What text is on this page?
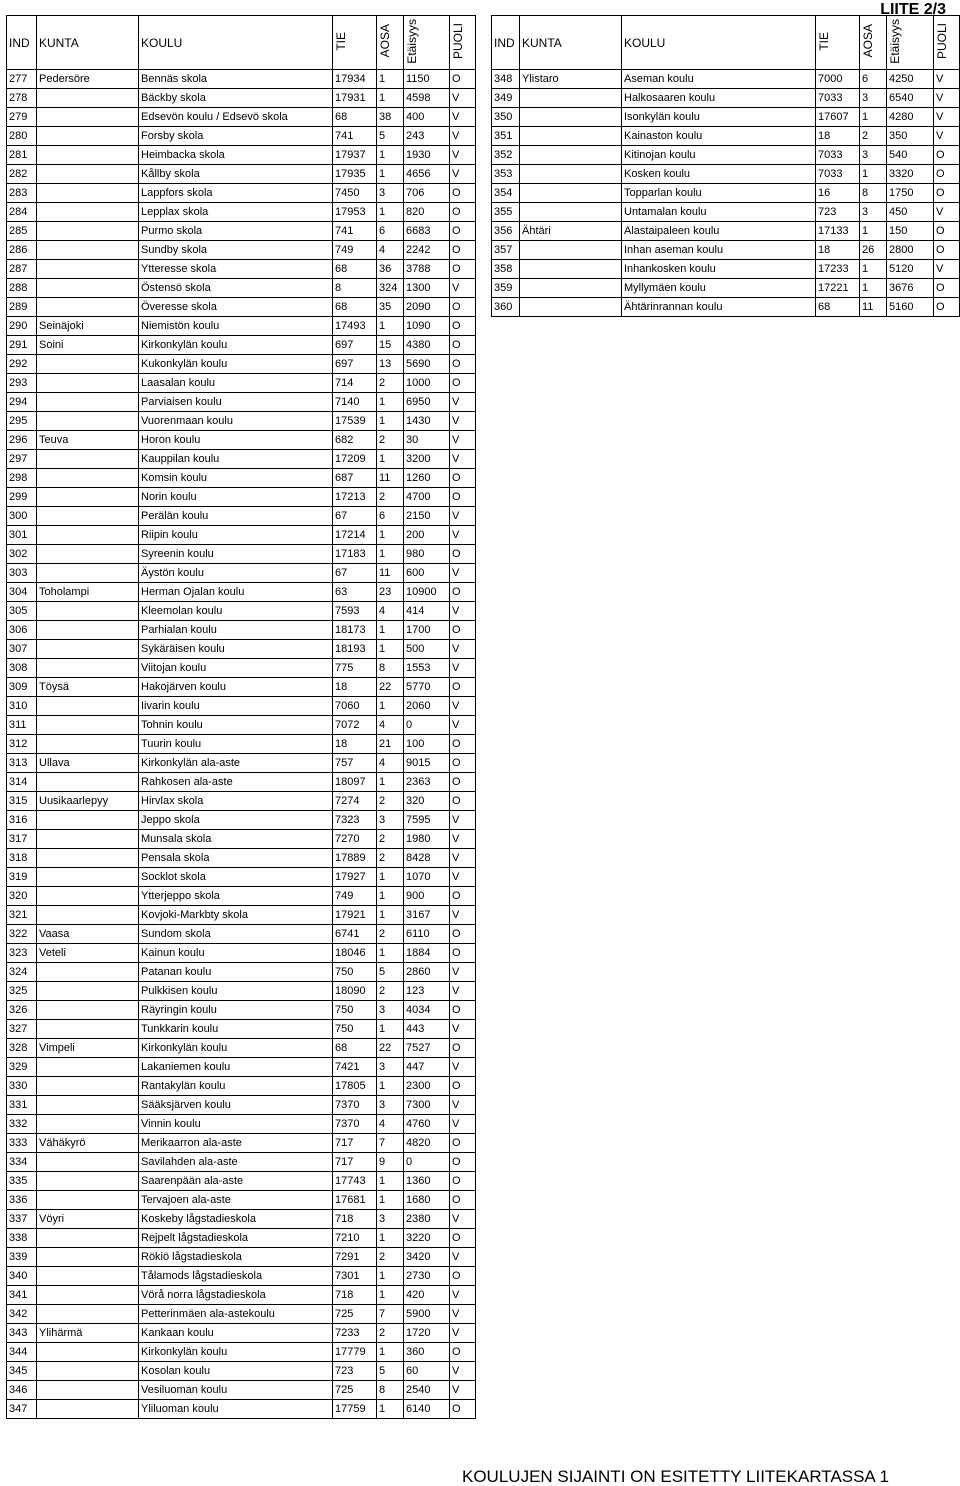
LIITE 2/3
IND	KUNTA	KOULU	TIE	AOSA	Etäisyys	PUOLI
277	Pedersöre	Bennäs skola	17934	1	1150	O
278		Bäckby skola	17931	1	4598	V
279		Edsevön koulu / Edsevö skola	68	38	400	V
280		Forsby skola	741	5	243	V
281		Heimbacka skola	17937	1	1930	V
282		Kållby skola	17935	1	4656	V
283		Lappfors skola	7450	3	706	O
284		Lepplax skola	17953	1	820	O
285		Purmo skola	741	6	6683	O
286		Sundby skola	749	4	2242	O
287		Ytteresse skola	68	36	3788	O
288		Östensö skola	8	324	1300	V
289		Överesse skola	68	35	2090	O
290	Seinäjoki	Niemistön koulu	17493	1	1090	O
291	Soini	Kirkonkylän koulu	697	15	4380	O
292		Kukonkylän koulu	697	13	5690	O
293		Laasalan koulu	714	2	1000	O
294		Parviaisen koulu	7140	1	6950	V
295		Vuorenmaan koulu	17539	1	1430	V
296	Teuva	Horon koulu	682	2	30	V
297		Kauppilan koulu	17209	1	3200	V
298		Komsin koulu	687	11	1260	O
299		Norin koulu	17213	2	4700	O
300		Perälän koulu	67	6	2150	V
301		Riipin koulu	17214	1	200	V
302		Syreenin koulu	17183	1	980	O
303		Äystön koulu	67	11	600	V
304	Toholampi	Herman Ojalan koulu	63	23	10900	O
305		Kleemolan koulu	7593	4	414	V
306		Parhialan koulu	18173	1	1700	O
307		Sykäräisen koulu	18193	1	500	V
308		Viitojan koulu	775	8	1553	V
309	Töysä	Hakojärven koulu	18	22	5770	O
310		Iivarin koulu	7060	1	2060	V
311		Tohnin koulu	7072	4	0	V
312		Tuurin koulu	18	21	100	O
313	Ullava	Kirkonkylän ala-aste	757	4	9015	O
314		Rahkosen ala-aste	18097	1	2363	O
315	Uusikaarlepyy	Hirvlax skola	7274	2	320	O
316		Jeppo skola	7323	3	7595	V
317		Munsala skola	7270	2	1980	V
318		Pensala skola	17889	2	8428	V
319		Socklot skola	17927	1	1070	V
320		Ytterjeppo skola	749	1	900	O
321		Kovjoki-Markbty skola	17921	1	3167	V
322	Vaasa	Sundom skola	6741	2	6110	O
323	Veteli	Kainun koulu	18046	1	1884	O
324		Patanan koulu	750	5	2860	V
325		Pulkkisen koulu	18090	2	123	V
326		Räyringin koulu	750	3	4034	O
327		Tunkkarin koulu	750	1	443	V
328	Vimpeli	Kirkonkylän koulu	68	22	7527	O
329		Lakaniemen koulu	7421	3	447	V
330		Rantakylän koulu	17805	1	2300	O
331		Sääksjärven koulu	7370	3	7300	V
332		Vinnin koulu	7370	4	4760	V
333	Vähäkyrö	Merikaarron ala-aste	717	7	4820	O
334		Savilahden ala-aste	717	9	0	O
335		Saarenpään ala-aste	17743	1	1360	O
336		Tervajoen ala-aste	17681	1	1680	O
337	Vöyri	Koskeby lågstadieskola	718	3	2380	V
338		Rejpelt lågstadieskola	7210	1	3220	O
339		Rökiö lågstadieskola	7291	2	3420	V
340		Tålamods lågstadieskola	7301	1	2730	O
341		Vörå norra lågstadieskola	718	1	420	V
342		Petterinmäen ala-astekoulu	725	7	5900	V
343	Ylihärmä	Kankaan koulu	7233	2	1720	V
344		Kirkonkylän koulu	17779	1	360	O
345		Kosolan koulu	723	5	60	V
346		Vesiluoman koulu	725	8	2540	V
347		Yliluoman koulu	17759	1	6140	O
IND	KUNTA	KOULU	TIE	AOSA	Etäisyys	PUOLI
348	Ylistaro	Aseman koulu	7000	6	4250	V
349		Halkosaaren koulu	7033	3	6540	V
350		Isonkylän koulu	17607	1	4280	V
351		Kainaston koulu	18	2	350	V
352		Kitinojan koulu	7033	3	540	O
353		Kosken koulu	7033	1	3320	O
354		Topparlan koulu	16	8	1750	O
355		Untamalan koulu	723	3	450	V
356	Ähtäri	Alastaipaleen koulu	17133	1	150	O
357		Inhan aseman koulu	18	26	2800	O
358		Inhankosken koulu	17233	1	5120	V
359		Myllymäen koulu	17221	1	3676	O
360		Ähtärinrannan koulu	68	11	5160	O
KOULUJEN SIJAINTI ON ESITETTY LIITEKARTASSA 1
